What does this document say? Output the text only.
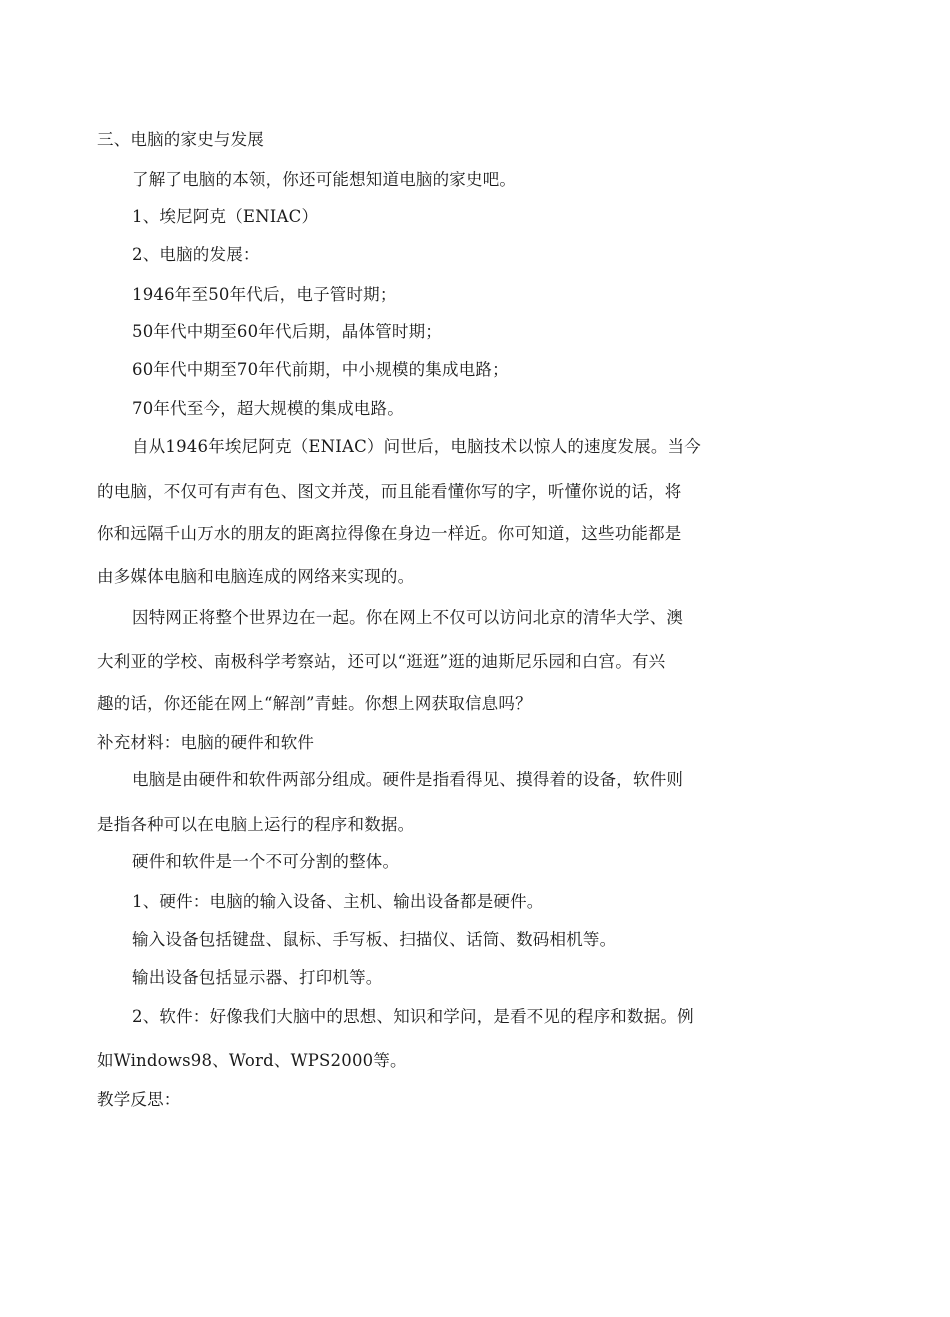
三、电脑的家史与发展
了解了电脑的本领，你还可能想知道电脑的家史吧。
1、埃尼阿克（ENIAC）
2、电脑的发展：
1946年至50年代后，电子管时期；
50年代中期至60年代后期，晶体管时期；
60年代中期至70年代前期，中小规模的集成电路；
70年代至今，超大规模的集成电路。
自从1946年埃尼阿克（ENIAC）问世后，电脑技术以惊人的速度发展。当今
的电脑，不仅可有声有色、图文并茂，而且能看懂你写的字，听懂你说的话，将
你和远隔千山万水的朋友的距离拉得像在身边一样近。你可知道，这些功能都是
由多媒体电脑和电脑连成的网络来实现的。
因特网正将整个世界边在一起。你在网上不仅可以访问北京的清华大学、澳
大利亚的学校、南极科学考察站，还可以“逛逛”逛的迪斯尼乐园和白宫。有兴
趣的话，你还能在网上“解剖”青蛙。你想上网获取信息吗？
补充材料：电脑的硬件和软件
电脑是由硬件和软件两部分组成。硬件是指看得见、摸得着的设备，软件则
是指各种可以在电脑上运行的程序和数据。
硬件和软件是一个不可分割的整体。
1、硬件：电脑的输入设备、主机、输出设备都是硬件。
输入设备包括键盘、鼠标、手写板、扫描仪、话筒、数码相机等。
输出设备包括显示器、打印机等。
2、软件：好像我们大脑中的思想、知识和学问，是看不见的程序和数据。例
如Windows98、Word、WPS2000等。
教学反思：
